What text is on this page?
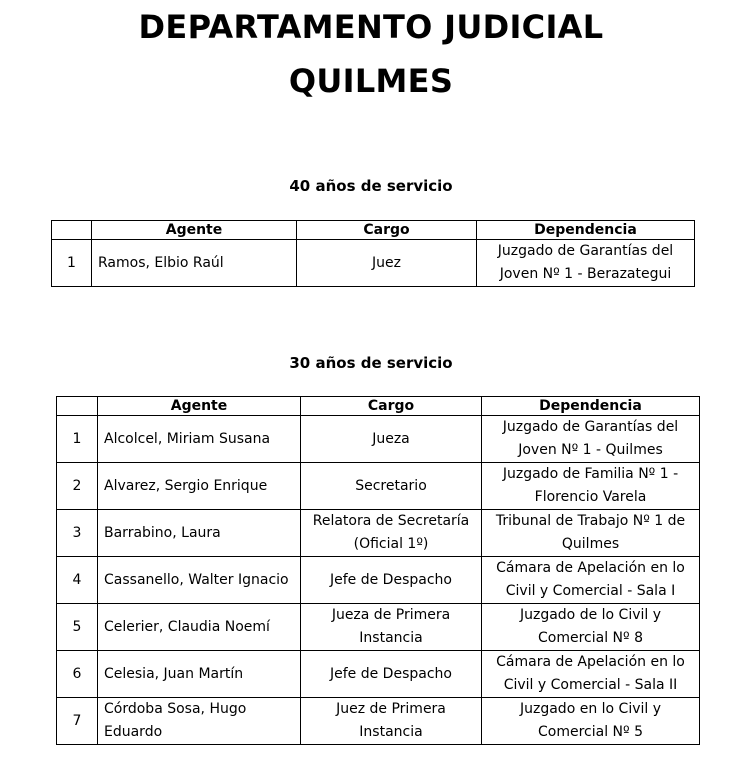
DEPARTAMENTO JUDICIAL
QUILMES
40 años de servicio
	Agente	Cargo	Dependencia
1	Ramos, Elbio Raúl	Juez	Juzgado de Garantías del Joven Nº 1 - Berazategui
30 años de servicio
	Agente	Cargo	Dependencia
1	Alcolcel, Miriam Susana	Jueza	Juzgado de Garantías del Joven Nº 1 - Quilmes
2	Alvarez, Sergio Enrique	Secretario	Juzgado de Familia Nº 1 - Florencio Varela
3	Barrabino, Laura	Relatora de Secretaría (Oficial 1º)	Tribunal de Trabajo Nº 1 de Quilmes
4	Cassanello, Walter Ignacio	Jefe de Despacho	Cámara de Apelación en lo Civil y Comercial - Sala I
5	Celerier, Claudia Noemí	Jueza de Primera Instancia	Juzgado de lo Civil y Comercial Nº 8
6	Celesia, Juan Martín	Jefe de Despacho	Cámara de Apelación en lo Civil y Comercial - Sala II
7	Córdoba Sosa, Hugo Eduardo	Juez de Primera Instancia	Juzgado en lo Civil y Comercial Nº 5
